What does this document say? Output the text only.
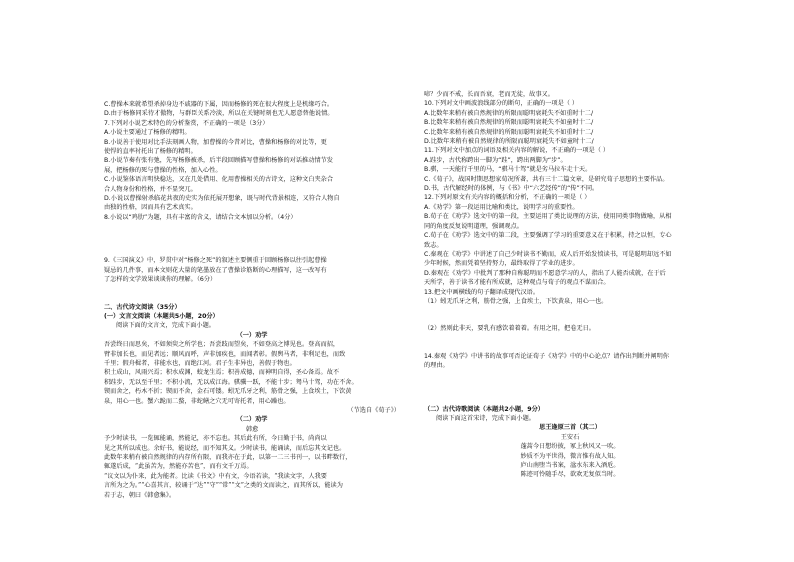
C.曹操本来就希望杀掉身边不戚器的下属，因而杨修的死在很大程度上是机缘巧合。
D.由于杨修同采待才傲物，与群臣关系冷淡，所以在关键时刻也无人愿意替他说情。
7.下列对小说艺术特色的分析鉴赏，不正确的一项是（3分）
A.小说主要通过了杨修的精明。
B.小说善于使用对比手法刻画人物，加曹操的今昔对比，曹操和杨修的对比等，更
使悍的直率衬托出了杨修的精明。
B.小说节奏有张有弛，先写杨修被杀，后半段回顾描写曹操和杨修的对话推动情节发
展，把杨修的死与曹操的性格，加入心性。
C.小说鉴体语言明快稳达，又在几处借用、化用曹操相关的古诗文，这种文白夹杂合
合人物身份和性格，并不显突兀。
D.小说以曹操射杀临花共夜的史实为依托展开想象，既与时代背景相连，又符合人物自
由独的性格，因而具有艺术真实。
8.小说以“鸡肋”为题，具有丰富的含义，请结合文本加以分析。（4分）
9.《三国演义》中，罗贯中对“杨修之死”的叙述主要侧重于回顾杨修以往引起曹操
疑忌的几件事，而本文则花大量的笔墨放在了曹操诊筋断的心理描写，这一改写有
了怎样的文学效果谈谈你的理解。（6分）
二、古代诗文阅读（35分）
(一）文言文阅读（本题共5小题，20分）
阅读下面的文言文，完成下面小题。
（一）劝学
吾尝终日而思矣，不如须臾之所学也；吾尝跂而望矣，不如登高之博见也。登高而招，
臂非加长也，而见者远；顺风而呼，声非加疾也，而闻者彰。假舆马者，非利足也，而致
千里；假舟楫者，非能水也，而绝江河。君子生非异也，善假于物也。
积土成山，风雨兴焉；积水成渊，蛟龙生焉；积善成德，而神明自得，圣心备焉。故不
积跬步，无以至千里；不积小流，无以成江海。骐骥一跃，不能十步；驽马十驾，功在不舍。
锲而舍之，朽木不折；锲而不舍，金石可镂。蚓无爪牙之利，筋骨之强，上食埃土，下饮黄
泉，用心一也。蟹六跪而二螯，非蛇鳝之穴无可寄托者，用心躁也。
（节选自《荀子》）
（二）劝学
韩愈
予少时读书，一览辄能诵，然能记，亦不忘也。其后此有所，今日勤于书，尚尚以
见之其所以成也。余好书，能说经，而不知其义。少时读书，能诵读，而后忘其文记也。
此数年来稍有被自然规律的内存所有限，而我亦在于此，以第一二三书刊一，以书畔数行，
辄遂后成，“此虽苦为，然能亦苦也”，而有文千万焉。
“议文以为仆来，此为能者。比读《书文》中有文，今语若读，“我读文字，人我要
言所为之为。”“心喜其言，较诵于“达”“守”“常”“文”之类的文而读之，而其所以，能读为
若于志，朝曰《韩愈集》。
啼？少而不戒，长而吾衰，老而无徒，故事又。
10.下列对文中画波浪线部分的断句，正确的一项是（ ）
A.比数年来稍有被自然规律的所限而聪明衰耗失不如重时十二/
B.比数年来稍有被自然规律的所限而聪明衰耗失不如童时十二/
C.比数年来稍有被自然规律的所限而聪明衰耗失不如重时十二/
D.比数年来稍有被自然规律的所限而聪明衰耗失不如童时十二/
11.下列对文中加点的词语及相关内容的解说，不正确的一项是（ ）
A.跬步，古代称跨出一脚为“跬”，跨出两脚为“步”。
B.骐，一天能行千里的马，“骐马十驾”就是劣马拉车走十天。
C.《荀子》，战国时期思想家荀况所著，共有三十二篇文章，是研究荀子思想的主要作品。
D.书，古代解经时的体例，与《书》中“六艺经传”的“传”不同。
12.下列对原文有关内容的概括和分析，不正确的一项是（ ）
A.《劝学》第一段运用比喻和类比，说明学习的重要性。
B.荀子在《劝学》选文中的第一段，主要运用了类比说理的方法，使用同类事物做喻，从相
同的角度反复说明道理，强调观点。
C.荀子在《劝学》选文中的第二段，主要强调了学习的重要意义在于积累，持之以恒，专心
致志。
C.秦观在《劝学》中讲述了自己少时读书不勤而，成人后开始发愤读书，可是聪明却远不如
少年时候，然而凭着坚持努力，最终取得了学业的进步。
D.秦观在《劝学》中批判了那种自称聪明而不愿意学习的人，指出了人能否成就，在于后
天所学，善于读书才能有所成就，这种观点与荀子的观点不谋而合。
13.把文中画横线的句子翻译成现代汉语。
（1）蚓无爪牙之利，筋骨之强，上食埃土，下饮黄泉，用心一也。
（2）然则此非天，要乳有感饮着着着。有用之用，把卷无日。
14.秦观《劝学》中讲书的故事可否论证荀子《劝学》中的中心论点？请作出判断并阐明你
的理由。
（二）古代诗歌阅读（本题共2小题，9分）
阅读下面这首宋诗，完成下面小题。
思王逢原三首（其二）
王安石
蓬蒿今日想纷披，冢上秋风又一吹。
妙质不为平世得，微言惟有故人知。
庐山南堕当书案，湓水东来入酒卮。
陈迹可怜随手尽，欲欢无复似当时。
